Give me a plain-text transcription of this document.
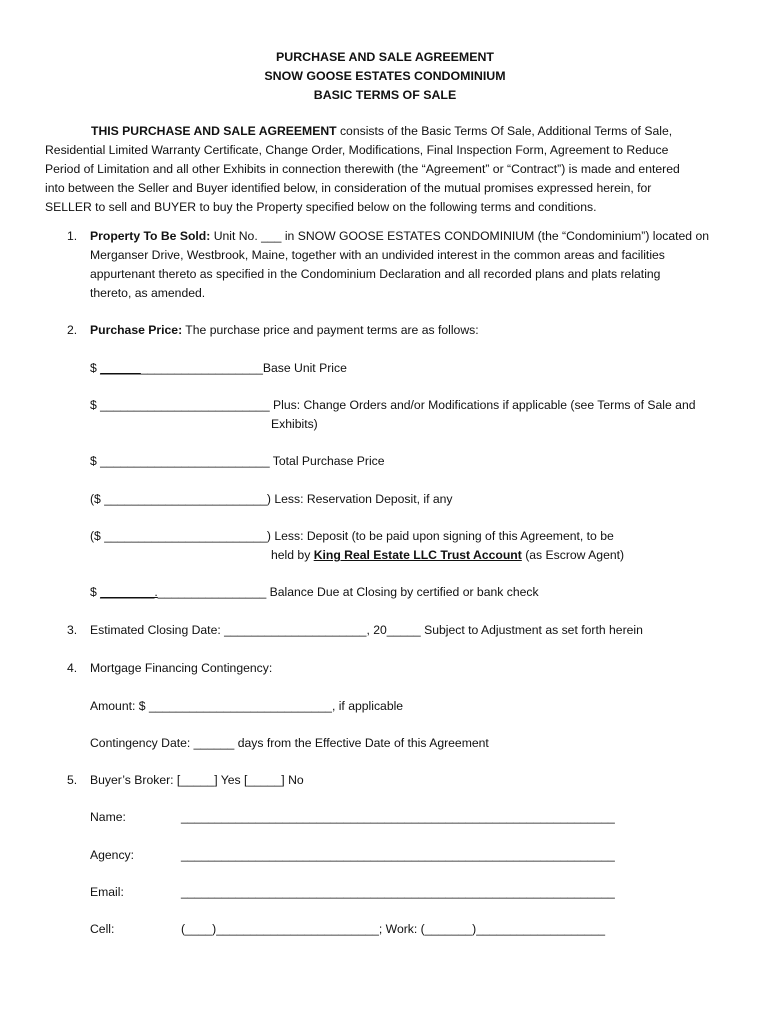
PURCHASE AND SALE AGREEMENT
SNOW GOOSE ESTATES CONDOMINIUM
BASIC TERMS OF SALE
THIS PURCHASE AND SALE AGREEMENT consists of the Basic Terms Of Sale, Additional Terms of Sale,
Residential Limited Warranty Certificate, Change Order, Modifications, Final Inspection Form, Agreement to Reduce
Period of Limitation and all other Exhibits in connection therewith (the “Agreement” or “Contract”) is made and entered
into between the Seller and Buyer identified below, in consideration of the mutual promises expressed herein, for
SELLER to sell and BUYER to buy the Property specified below on the following terms and conditions.
1. Property To Be Sold: Unit No. ___ in SNOW GOOSE ESTATES CONDOMINIUM (the “Condominium”) located on
Merganser Drive, Westbrook, Maine, together with an undivided interest in the common areas and facilities
appurtenant thereto as specified in the Condominium Declaration and all recorded plans and plats relating
thereto, as amended.
2. Purchase Price: The purchase price and payment terms are as follows:
$ ________________________Base Unit Price
$ _________________________ Plus: Change Orders and/or Modifications if applicable (see Terms of Sale and
Exhibits)
$ _________________________ Total Purchase Price
($ ________________________) Less: Reservation Deposit, if any
($ ________________________) Less: Deposit (to be paid upon signing of this Agreement, to be
held by King Real Estate LLC Trust Account (as Escrow Agent)
$ ________.________________ Balance Due at Closing by certified or bank check
3. Estimated Closing Date: _____________________, 20_____ Subject to Adjustment as set forth herein
4. Mortgage Financing Contingency:
Amount: $ ___________________________, if applicable
Contingency Date: ______ days from the Effective Date of this Agreement
5. Buyer’s Broker: [_____] Yes [_____] No
Name:	________________________________________________________________
Agency:	________________________________________________________________
Email:	________________________________________________________________
Cell:	(____)________________________; Work: (_______)___________________
